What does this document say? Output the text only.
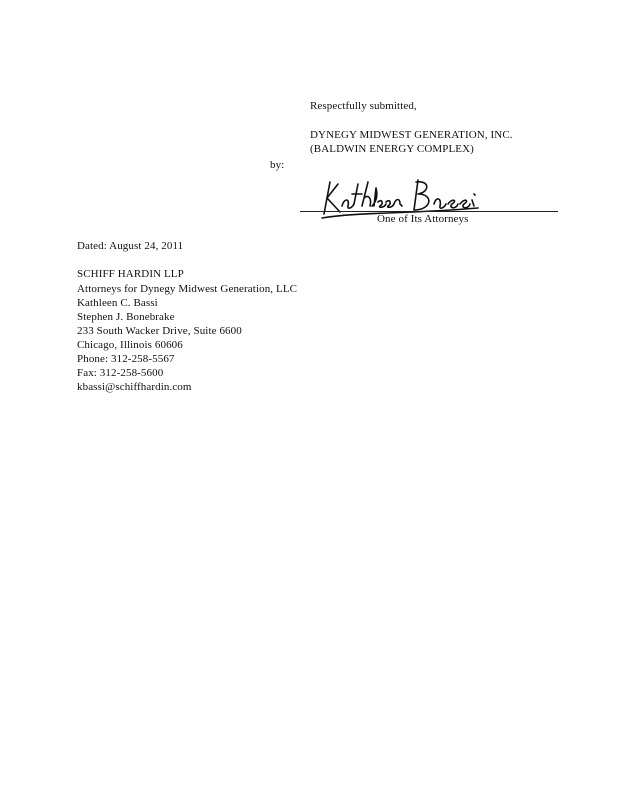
Respectfully submitted,
DYNEGY MIDWEST GENERATION, INC.
(BALDWIN ENERGY COMPLEX)
by:
One of Its Attorneys
Dated: August 24, 2011
SCHIFF HARDIN LLP
Attorneys for Dynegy Midwest Generation, LLC
Kathleen C. Bassi
Stephen J. Bonebrake
233 South Wacker Drive, Suite 6600
Chicago, Illinois 60606
Phone: 312-258-5567
Fax: 312-258-5600
kbassi@schiffhardin.com
